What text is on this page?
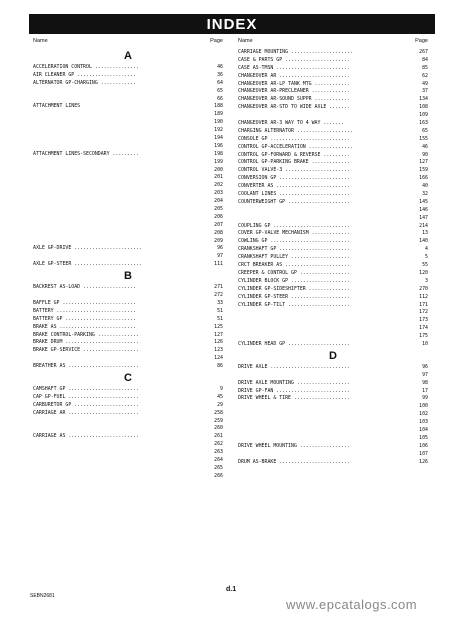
INDEX
Name	Page
A
ACCELERATION CONTROL ...............	46
AIR CLEANER GP ....................	36
ALTERNATOR GP-CHARGING ............	64
65
66
ATTACHMENT LINES	188
189
190
192
194
196
ATTACHMENT LINES-SECONDARY .........	198
199
200
201
202
203
204
205
206
207
208
209
AXLE GP-DRIVE .......................	96
97
AXLE GP-STEER .......................	111
B
BACKREST AS-LOAD ..................	271
272
BAFFLE GP .........................	33
BATTERY ...........................	51
BATTERY GP ........................	51
BRAKE AS ..........................	125
BRAKE CONTROL-PARKING ..............	127
BRAKE DRUM .........................	126
BRAKE GP-SERVICE ...................	123
124
BREATHER AS ........................	86
C
CAMSHAFT GP ........................	9
CAP GP-FUEL ........................	45
CARBURETOR GP ......................	29
CARRIAGE AR ........................	258
259
260
CARRIAGE AS ........................	261
262
263
264
265
266
Name	Page
CARRIAGE MOUNTING .....................	267
CASE & PARTS GP ......................	84
CASE AS-TMSN .........................	85
CHANGEOVER AR ........................	62
CHANGEOVER AR-LP TANK MTG ............	49
CHANGEOVER AR-PRECLEANER .............	37
CHANGEOVER AR-SOUND SUPPR ............	134
CHANGEOVER AR-STD TO WIDE AXLE .......	108
109
CHANGEOVER AR-3 WAY TO 4 WAY .......	163
CHARGING ALTERNATOR ...................	65
CONSOLE GP ...........................	155
CONTROL GP-ACCELERATION ...............	46
CONTROL GP-FORWARD & REVERSE .........	90
CONTROL GP-PARKING BRAKE .............	127
CONTROL VALVE-3 ......................	159
CONVERSION GP ........................	166
CONVERTER AS .........................	40
COOLANT LINES ........................	32
COUNTERWEIGHT GP .....................	145
146
147
COUPLING GP ..........................	214
COVER GP-VALVE MECHANISM .............	13
COWLING GP ...........................	140
CRANKSHAFT GP ........................	4
CRANKSHAFT PULLEY ....................	5
CRCT BREAKER AS ......................	55
CREEPER & CONTROL GP .................	120
CYLINDER BLOCK GP ....................	3
CYLINDER GP-SIDESHIFTER ..............	270
CYLINDER GP-STEER ....................	112
CYLINDER GP-TILT .....................	171
172
173
174
175
CYLINDER HEAD GP .....................	10
D
DRIVE AXLE ...........................	96
97
DRIVE AXLE MOUNTING ..................	98
DRIVE GP-FAN .........................	17
DRIVE WHEEL & TIRE ...................	99
100
102
103
104
105
DRIVE WHEEL MOUNTING .................	106
107
DRUM AS-BRAKE ........................	126
SEBN2681
d.1
www.epcatalogs.com
